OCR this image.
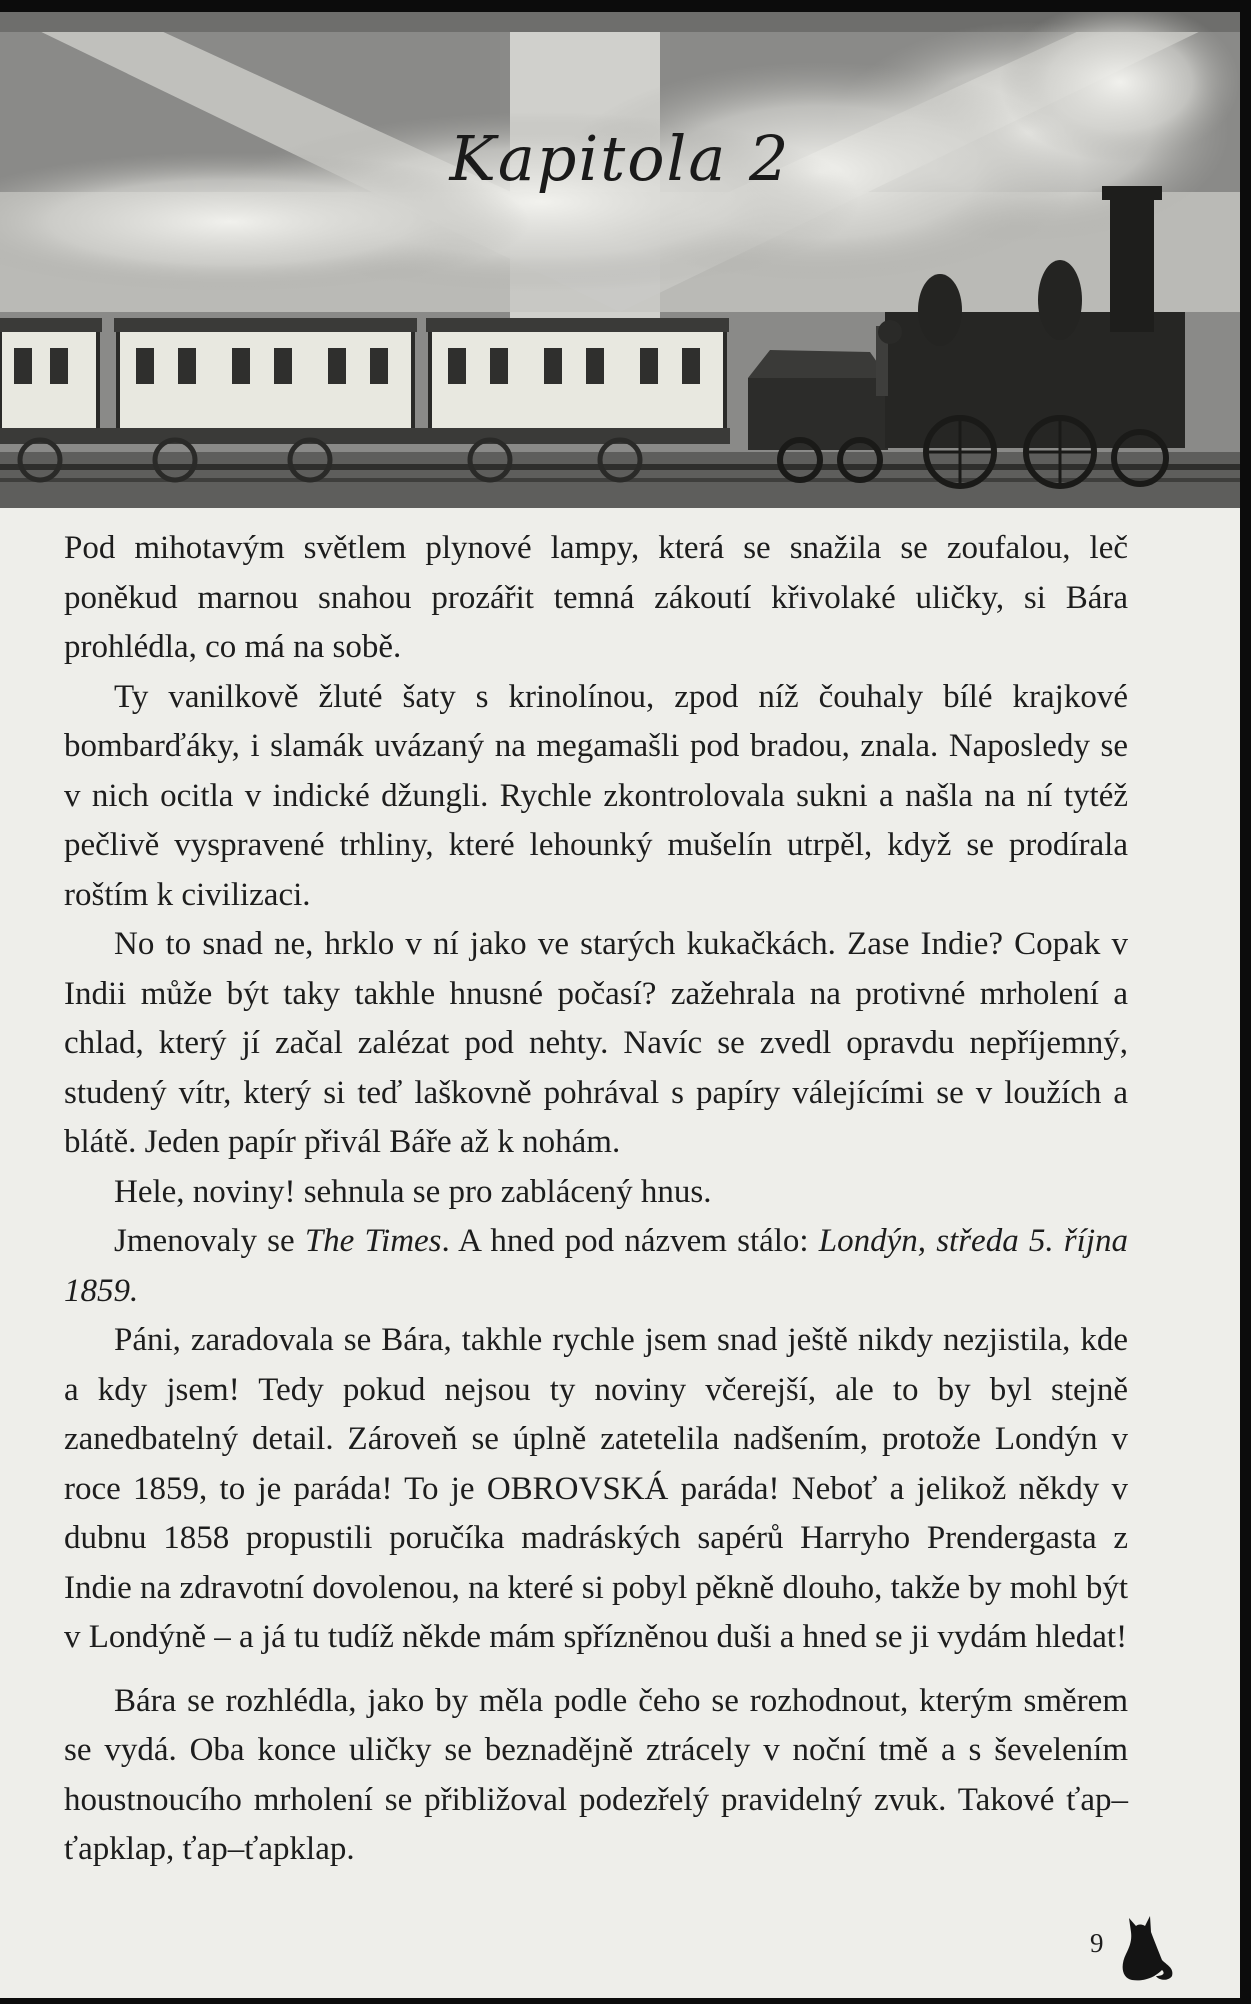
Kapitola 2

Pod mihotavým světlem plynové lampy, která se snažila se zoufalou, leč poněkud marnou snahou prozářit temná zákoutí křivolaké uličky, si Bára prohlédla, co má na sobě.

Ty vanilkově žluté šaty s krinolínou, zpod níž čouhaly bílé krajkové bombarďáky, i slamák uvázaný na megamašli pod bradou, znala. Naposledy se v nich ocitla v indické džungli. Rychle zkontrolovala sukni a našla na ní tytéž pečlivě vyspravené trhliny, které lehounký mušelín utrpěl, když se prodírala roštím k civilizaci.

No to snad ne, hrklo v ní jako ve starých kukačkách. Zase Indie? Copak v Indii může být taky takhle hnusné počasí? zažehrala na protivné mrholení a chlad, který jí začal zalézat pod nehty. Navíc se zvedl opravdu nepříjemný, studený vítr, který si teď laškovně pohrával s papíry válejícími se v loužích a blátě. Jeden papír přivál Báře až k nohám.

Hele, noviny! sehnula se pro zablácený hnus.

Jmenovaly se The Times. A hned pod názvem stálo: Londýn, středa 5. října 1859.

Páni, zaradovala se Bára, takhle rychle jsem snad ještě nikdy nezjistila, kde a kdy jsem! Tedy pokud nejsou ty noviny včerejší, ale to by byl stejně zanedbatelný detail. Zároveň se úplně zatetelila nadšením, protože Londýn v roce 1859, to je paráda! To je OBROVSKÁ paráda! Neboť a jelikož někdy v dubnu 1858 propustili poručíka madráských sapérů Harryho Prendergasta z Indie na zdravotní dovolenou, na které si pobyl pěkně dlouho, takže by mohl být v Londýně – a já tu tudíž někde mám spřízněnou duši a hned se ji vydám hledat!

Bára se rozhlédla, jako by měla podle čeho se rozhodnout, kterým směrem se vydá. Oba konce uličky se beznadějně ztrácely v noční tmě a s ševelením houstnoucího mrholení se přibližoval podezřelý pravidelný zvuk. Takové ťap–ťapklap, ťap–ťapklap.

9
